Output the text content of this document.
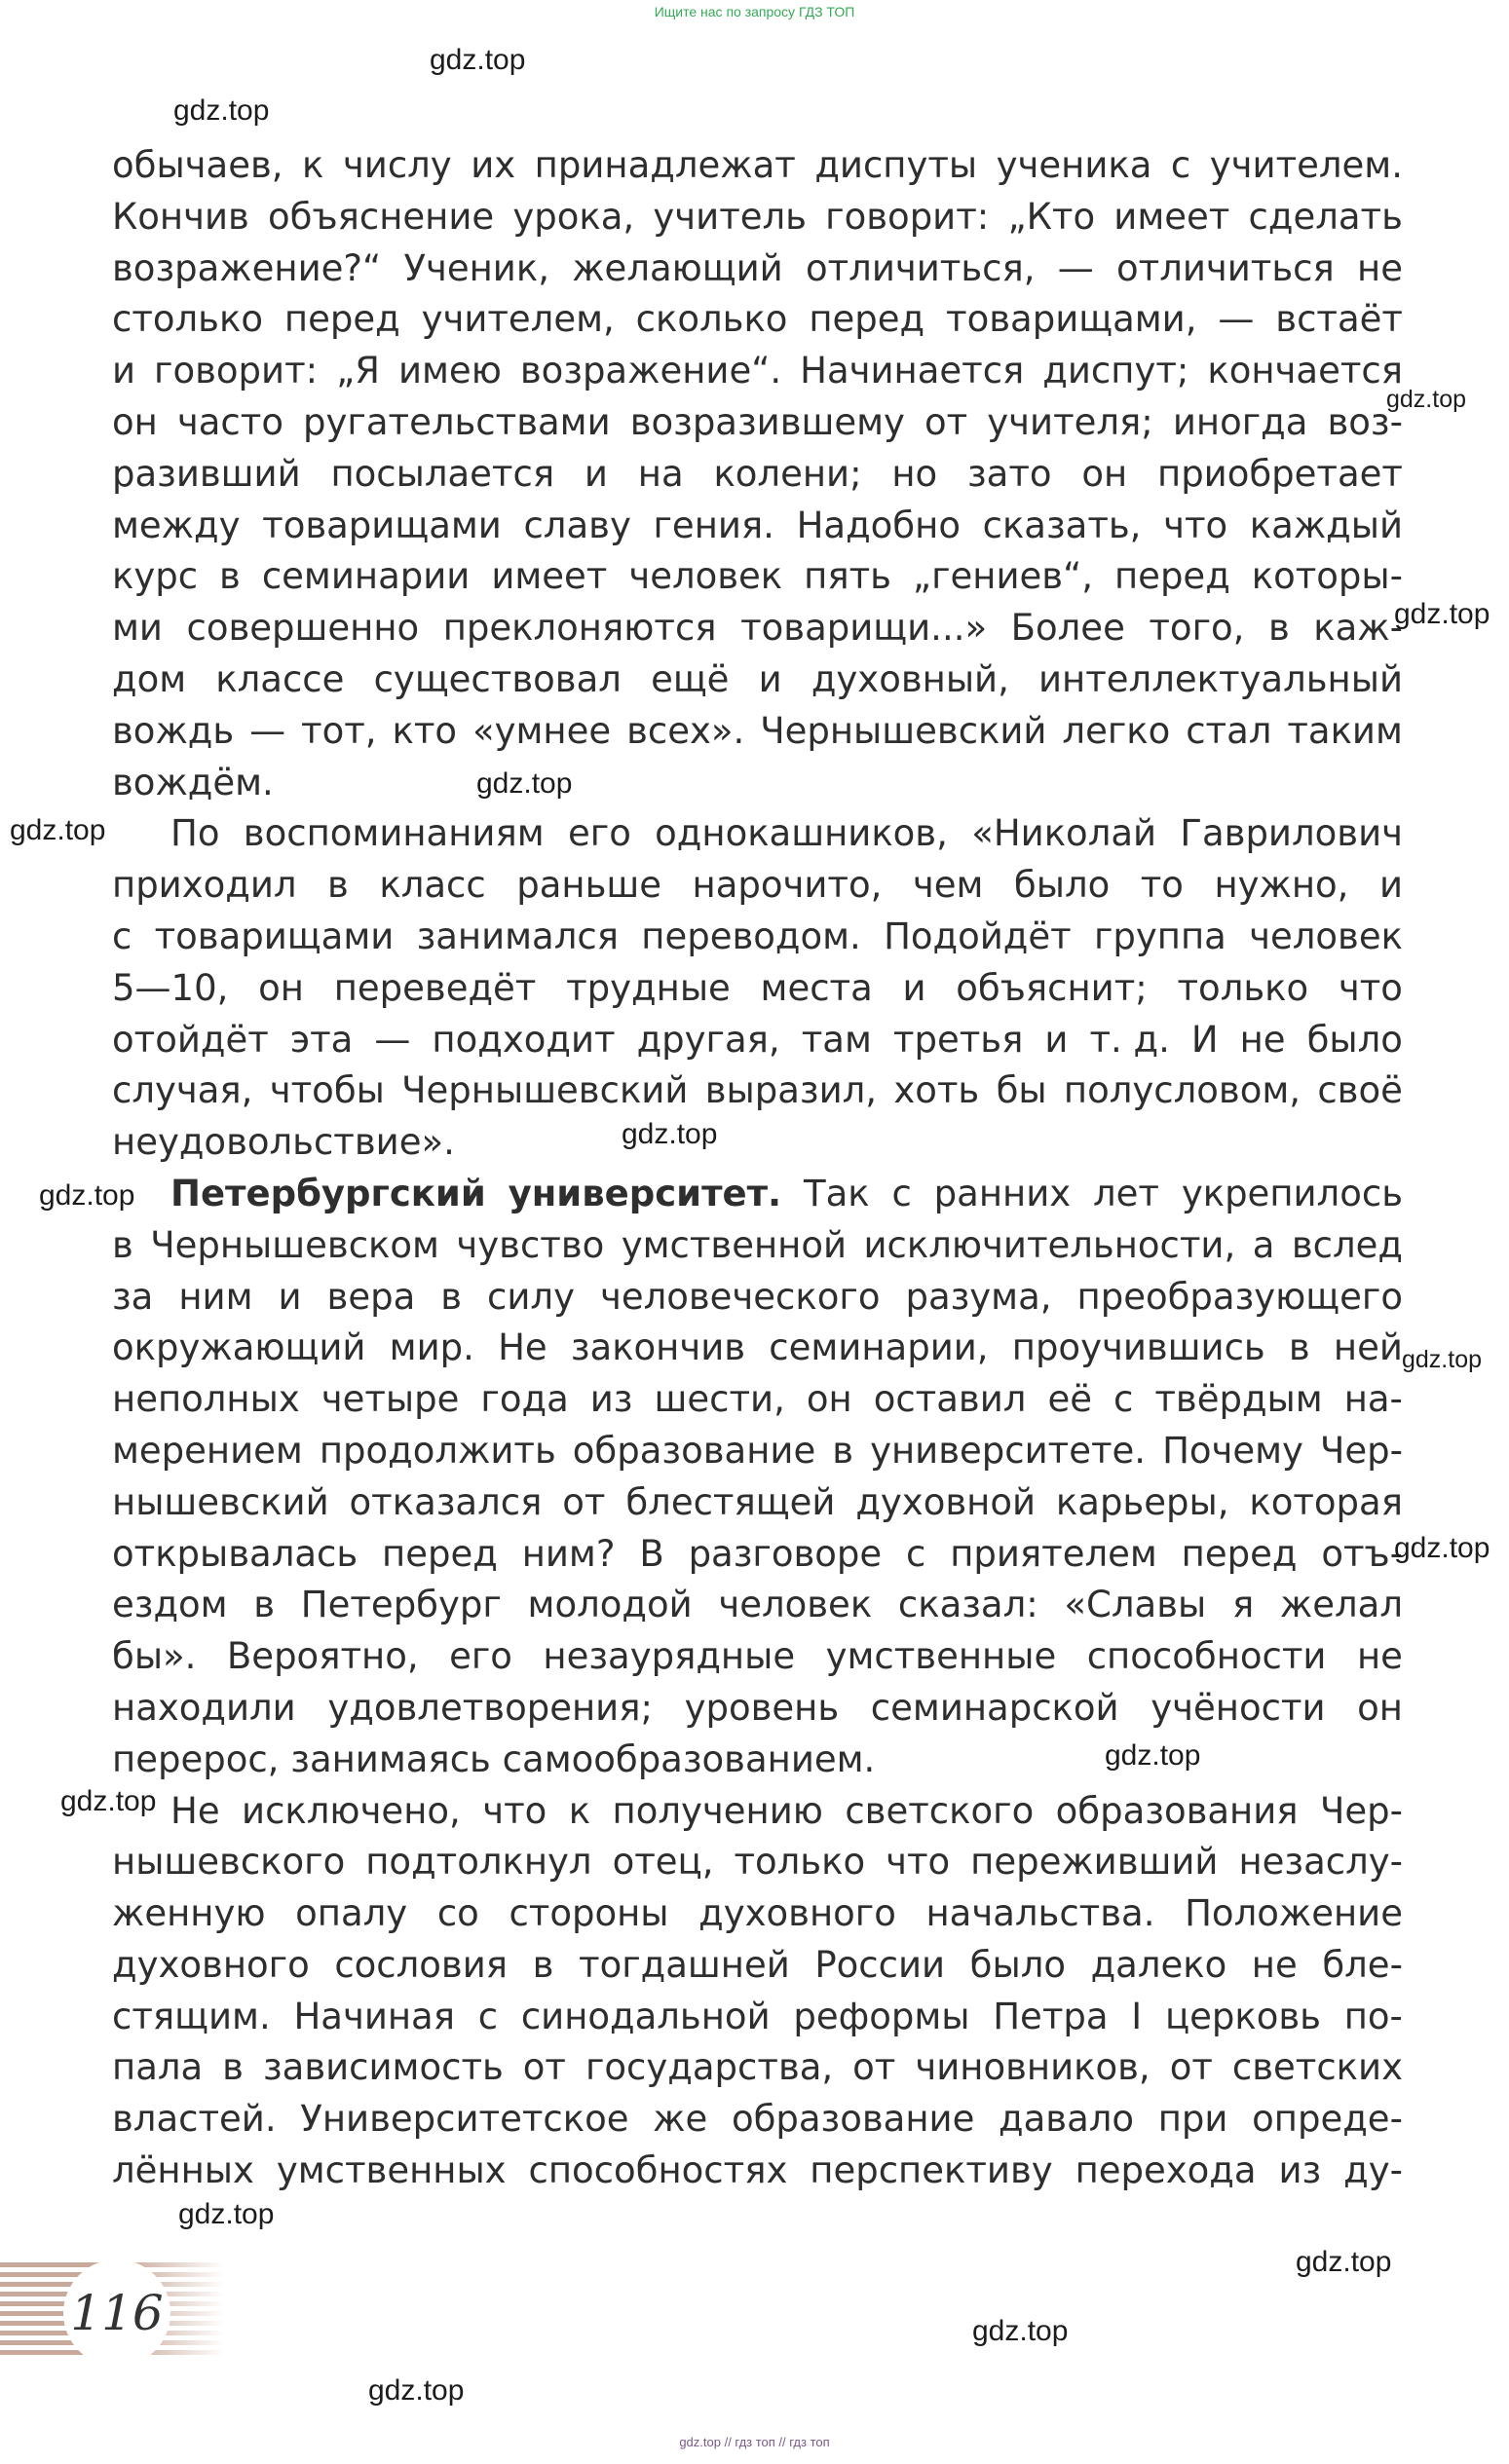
Ищите нас по запросу ГДЗ ТОП
обычаев, к числу их принадлежат диспуты ученика с учителем.
Кончив объяснение урока, учитель говорит: „Кто имеет сделать
возражение?“ Ученик, желающий отличиться, — отличиться не
столько перед учителем, сколько перед товарищами, — встаёт
и говорит: „Я имею возражение“. Начинается диспут; кончается
он часто ругательствами возразившему от учителя; иногда воз-
разивший посылается и на колени; но зато он приобретает
между товарищами славу гения. Надобно сказать, что каждый
курс в семинарии имеет человек пять „гениев“, перед которы-
ми совершенно преклоняются товарищи...» Более того, в каж-
дом классе существовал ещё и духовный, интеллектуальный
вождь — тот, кто «умнее всех». Чернышевский легко стал таким
вождём.
По воспоминаниям его однокашников, «Николай Гаврилович
приходил в класс раньше нарочито, чем было то нужно, и
с товарищами занимался переводом. Подойдёт группа человек
5—10, он переведёт трудные места и объяснит; только что
отойдёт эта — подходит другая, там третья и т. д. И не было
случая, чтобы Чернышевский выразил, хоть бы полусловом, своё
неудовольствие».
Петербургский университет. Так с ранних лет укрепилось
в Чернышевском чувство умственной исключительности, а вслед
за ним и вера в силу человеческого разума, преобразующего
окружающий мир. Не закончив семинарии, проучившись в ней
неполных четыре года из шести, он оставил её с твёрдым на-
мерением продолжить образование в университете. Почему Чер-
нышевский отказался от блестящей духовной карьеры, которая
открывалась перед ним? В разговоре с приятелем перед отъ-
ездом в Петербург молодой человек сказал: «Славы я желал
бы». Вероятно, его незаурядные умственные способности не
находили удовлетворения; уровень семинарской учёности он
перерос, занимаясь самообразованием.
Не исключено, что к получению светского образования Чер-
нышевского подтолкнул отец, только что переживший незаслу-
женную опалу со стороны духовного начальства. Положение
духовного сословия в тогдашней России было далеко не бле-
стящим. Начиная с синодальной реформы Петра I церковь по-
пала в зависимость от государства, от чиновников, от светских
властей. Университетское же образование давало при опреде-
лённых умственных способностях перспективу перехода из ду-
gdz.top
gdz.top
gdz.top
gdz.top
gdz.top
gdz.top
gdz.top
gdz.top
gdz.top
gdz.top
gdz.top
gdz.top
gdz.top
gdz.top
gdz.top
gdz.top
116
gdz.top // гдз топ // гдз топ
